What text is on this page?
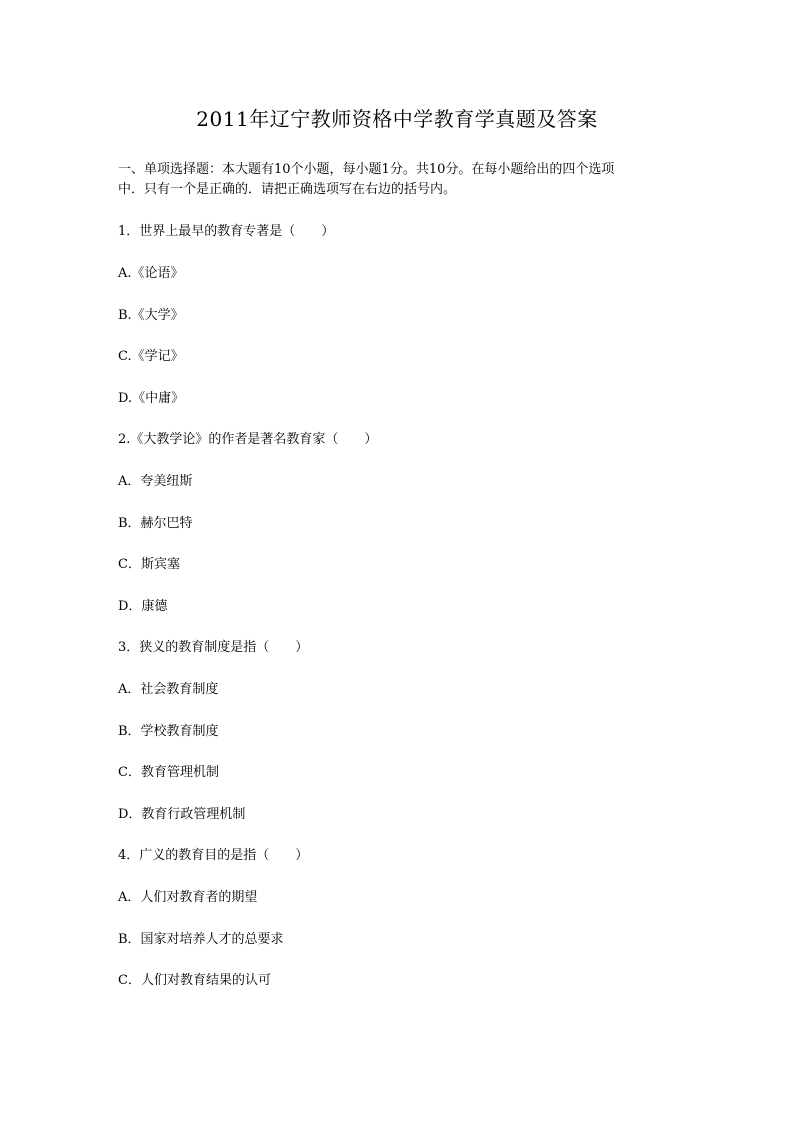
2011年辽宁教师资格中学教育学真题及答案
一、单项选择题：本大题有10个小题，每小题1分。共10分。在每小题给出的四个选项
中．只有一个是正确的．请把正确选项写在右边的括号内。
1．世界上最早的教育专著是（　　）
A.《论语》
B.《大学》
C.《学记》
D.《中庸》
2.《大教学论》的作者是著名教育家（　　）
A．夸美纽斯
B．赫尔巴特
C．斯宾塞
D．康德
3．狭义的教育制度是指（　　）
A．社会教育制度
B．学校教育制度
C．教育管理机制
D．教育行政管理机制
4．广义的教育目的是指（　　）
A．人们对教育者的期望
B．国家对培养人才的总要求
C．人们对教育结果的认可
